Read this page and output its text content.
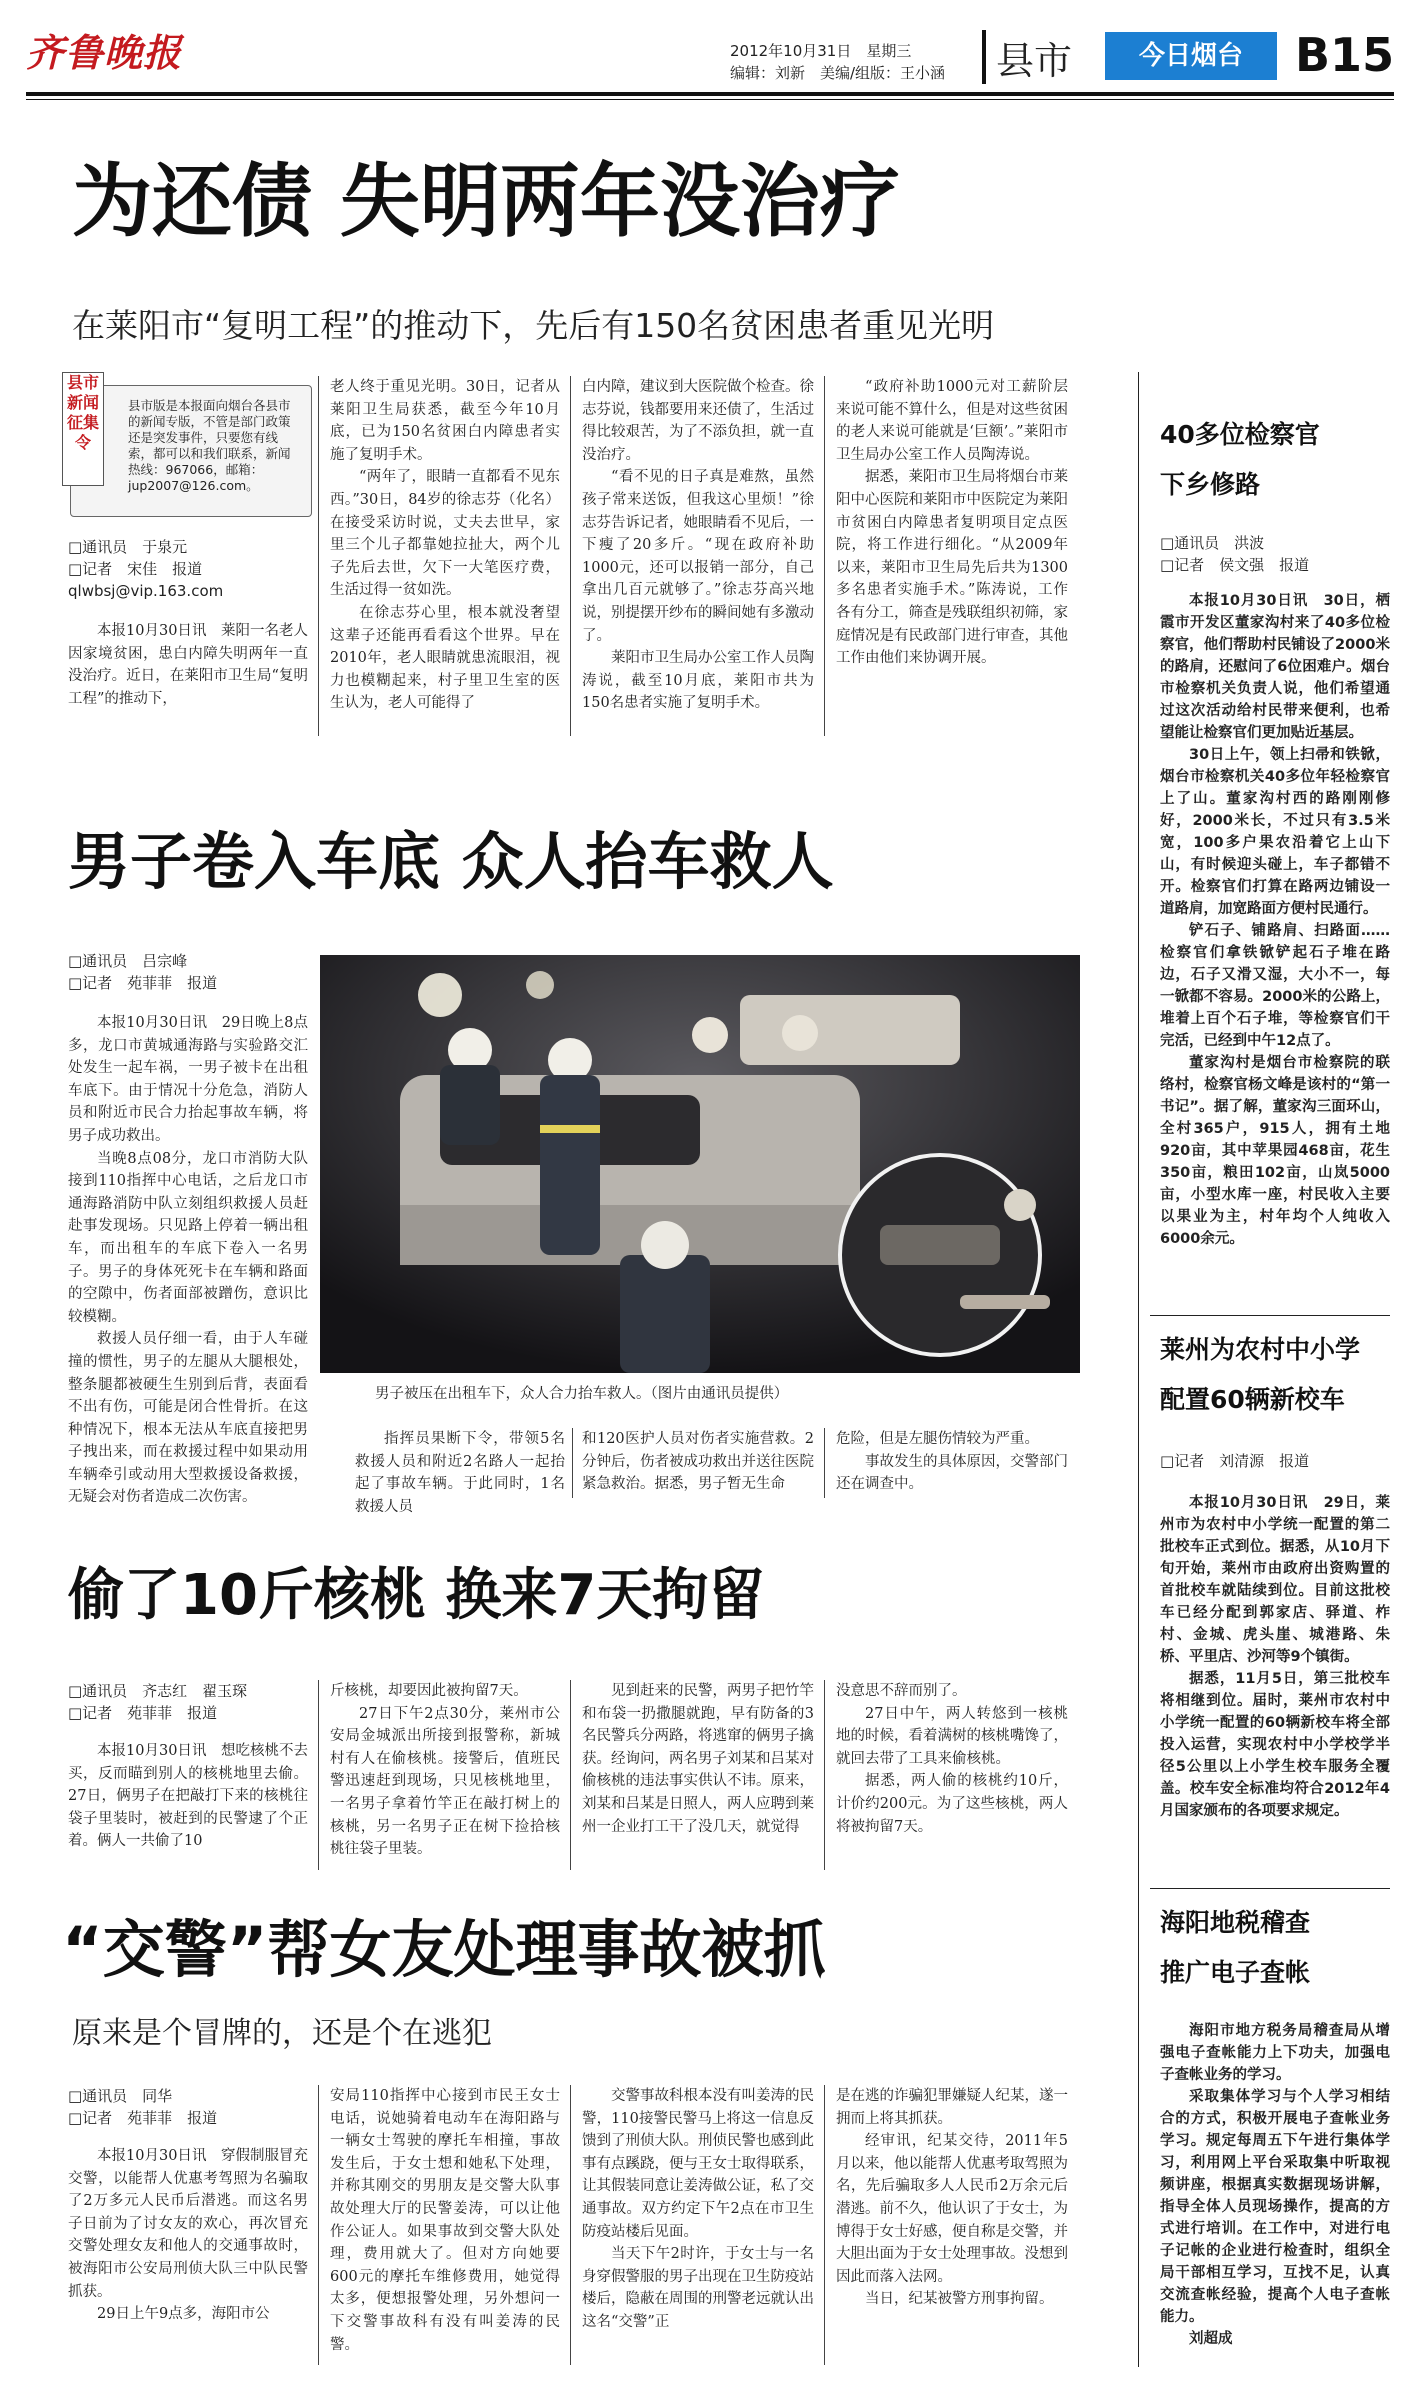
齐鲁晚报	2012年10月31日　星期三
编辑：刘新　美编/组版：王小涵 县市	今日烟台	B15
为还债 失明两年没治疗
在莱阳市“复明工程”的推动下，先后有150名贫困患者重见光明
县市新闻征集令
县市版是本报面向烟台各县市的新闻专版，不管是部门政策还是突发事件，只要您有线索，都可以和我们联系，新闻热线：967066，邮箱：jup2007@126.com。
□通讯员　于泉元
□记者　宋佳　报道
qlwbsj@vip.163.com

本报10月30日讯　莱阳一名老人因家境贫困，患白内障失明两年一直没治疗。近日，在莱阳市卫生局“复明工程”的推动下，

老人终于重见光明。30日，记者从莱阳卫生局获悉，截至今年10月底，已为150名贫困白内障患者实施了复明手术。

“两年了，眼睛一直都看不见东西。”30日，84岁的徐志芬（化名）在接受采访时说，丈夫去世早，家里三个儿子都靠她拉扯大，两个儿子先后去世，欠下一大笔医疗费，生活过得一贫如洗。

在徐志芬心里，根本就没奢望这辈子还能再看看这个世界。早在2010年，老人眼睛就患流眼泪，视力也模糊起来，村子里卫生室的医生认为，老人可能得了

白内障，建议到大医院做个检查。徐志芬说，钱都要用来还债了，生活过得比较艰苦，为了不添负担，就一直没治疗。

“看不见的日子真是难熬，虽然孩子常来送饭，但我这心里烦！”徐志芬告诉记者，她眼睛看不见后，一下瘦了20多斤。“现在政府补助1000元，还可以报销一部分，自己拿出几百元就够了。”徐志芬高兴地说，别提摆开纱布的瞬间她有多激动了。

莱阳市卫生局办公室工作人员陶涛说，截至10月底，莱阳市共为150名患者实施了复明手术。

“政府补助1000元对工薪阶层来说可能不算什么，但是对这些贫困的老人来说可能就是‘巨额’。”莱阳市卫生局办公室工作人员陶涛说。

据悉，莱阳市卫生局将烟台市莱阳中心医院和莱阳市中医院定为莱阳市贫困白内障患者复明项目定点医院，将工作进行细化。“从2009年以来，莱阳市卫生局先后共为1300多名患者实施手术。”陈涛说，工作各有分工，筛查是残联组织初筛，家庭情况是有民政部门进行审查，其他工作由他们来协调开展。

男子卷入车底 众人抬车救人
□通讯员　吕宗峰
□记者　苑菲菲　报道

本报10月30日讯　29日晚上8点多，龙口市黄城通海路与实验路交汇处发生一起车祸，一男子被卡在出租车底下。由于情况十分危急，消防人员和附近市民合力抬起事故车辆，将男子成功救出。

当晚8点08分，龙口市消防大队接到110指挥中心电话，之后龙口市通海路消防中队立刻组织救援人员赶赴事发现场。只见路上停着一辆出租车，而出租车的车底下卷入一名男子。男子的身体死死卡在车辆和路面的空隙中，伤者面部被蹭伤，意识比较模糊。

救援人员仔细一看，由于人车碰撞的惯性，男子的左腿从大腿根处，整条腿都被硬生生别到后背，表面看不出有伤，可能是闭合性骨折。在这种情况下，根本无法从车底直接把男子拽出来，而在救援过程中如果动用车辆牵引或动用大型救援设备救援，无疑会对伤者造成二次伤害。

男子被压在出租车下，众人合力抬车救人。（图片由通讯员提供）

指挥员果断下令，带领5名救援人员和附近2名路人一起抬起了事故车辆。于此同时，1名救援人员

和120医护人员对伤者实施营救。2分钟后，伤者被成功救出并送往医院紧急救治。据悉，男子暂无生命

危险，但是左腿伤情较为严重。

事故发生的具体原因，交警部门还在调查中。

偷了10斤核桃 换来7天拘留
□通讯员　齐志红　翟玉琛
□记者　苑菲菲　报道

本报10月30日讯　想吃核桃不去买，反而瞄到别人的核桃地里去偷。27日，俩男子在把敲打下来的核桃往袋子里装时，被赶到的民警逮了个正着。俩人一共偷了10

斤核桃，却要因此被拘留7天。

27日下午2点30分，莱州市公安局金城派出所接到报警称，新城村有人在偷核桃。接警后，值班民警迅速赶到现场，只见核桃地里，一名男子拿着竹竿正在敲打树上的核桃，另一名男子正在树下捡拾核桃往袋子里装。

见到赶来的民警，两男子把竹竿和布袋一扔撒腿就跑，早有防备的3名民警兵分两路，将逃窜的俩男子擒获。经询问，两名男子刘某和吕某对偷核桃的违法事实供认不讳。原来，刘某和吕某是日照人，两人应聘到莱州一企业打工干了没几天，就觉得

没意思不辞而别了。

27日中午，两人转悠到一核桃地的时候，看着满树的核桃嘴馋了，就回去带了工具来偷核桃。

据悉，两人偷的核桃约10斤，计价约200元。为了这些核桃，两人将被拘留7天。

“交警”帮女友处理事故被抓
原来是个冒牌的，还是个在逃犯
□通讯员　同华
□记者　苑菲菲　报道

本报10月30日讯　穿假制服冒充交警，以能帮人优惠考驾照为名骗取了2万多元人民币后潜逃。而这名男子日前为了讨女友的欢心，再次冒充交警处理女友和他人的交通事故时，被海阳市公安局刑侦大队三中队民警抓获。

29日上午9点多，海阳市公

安局110指挥中心接到市民王女士电话，说她骑着电动车在海阳路与一辆女士驾驶的摩托车相撞，事故发生后，于女士想和她私下处理，并称其刚交的男朋友是交警大队事故处理大厅的民警姜涛，可以让他作公证人。如果事故到交警大队处理，费用就大了。但对方向她要600元的摩托车维修费用，她觉得太多，便想报警处理，另外想问一下交警事故科有没有叫姜涛的民警。

交警事故科根本没有叫姜涛的民警，110接警民警马上将这一信息反馈到了刑侦大队。刑侦民警也感到此事有点蹊跷，便与王女士取得联系，让其假装同意让姜涛做公证，私了交通事故。双方约定下午2点在市卫生防疫站楼后见面。

当天下午2时许，于女士与一名身穿假警服的男子出现在卫生防疫站楼后，隐蔽在周围的刑警老远就认出这名“交警”正

是在逃的诈骗犯罪嫌疑人纪某，遂一拥而上将其抓获。

经审讯，纪某交待，2011年5月以来，他以能帮人优惠考取驾照为名，先后骗取多人人民币2万余元后潜逃。前不久，他认识了于女士，为博得于女士好感，便自称是交警，并大胆出面为于女士处理事故。没想到因此而落入法网。

当日，纪某被警方刑事拘留。

40多位检察官
下乡修路
□通讯员　洪波
□记者　侯文强　报道

本报10月30日讯　30日，栖霞市开发区董家沟村来了40多位检察官，他们帮助村民铺设了2000米的路肩，还慰问了6位困难户。烟台市检察机关负责人说，他们希望通过这次活动给村民带来便利，也希望能让检察官们更加贴近基层。

30日上午，领上扫帚和铁锨，烟台市检察机关40多位年轻检察官上了山。董家沟村西的路刚刚修好，2000米长，不过只有3.5米宽，100多户果农沿着它上山下山，有时候迎头碰上，车子都错不开。检察官们打算在路两边铺设一道路肩，加宽路面方便村民通行。

铲石子、铺路肩、扫路面……检察官们拿铁锨铲起石子堆在路边，石子又滑又湿，大小不一，每一锨都不容易。2000米的公路上，堆着上百个石子堆，等检察官们干完活，已经到中午12点了。

董家沟村是烟台市检察院的联络村，检察官杨文峰是该村的“第一书记”。据了解，董家沟三面环山，全村365户，915人，拥有土地920亩，其中苹果园468亩，花生350亩，粮田102亩，山岚5000亩，小型水库一座，村民收入主要以果业为主，村年均个人纯收入6000余元。

莱州为农村中小学
配置60辆新校车
□记者　刘清源　报道

本报10月30日讯　29日，莱州市为农村中小学统一配置的第二批校车正式到位。据悉，从10月下旬开始，莱州市由政府出资购置的首批校车就陆续到位。目前这批校车已经分配到郭家店、驿道、柞村、金城、虎头崖、城港路、朱桥、平里店、沙河等9个镇街。

据悉，11月5日，第三批校车将相继到位。届时，莱州市农村中小学统一配置的60辆新校车将全部投入运营，实现农村中小学校学半径5公里以上小学生校车服务全覆盖。校车安全标准均符合2012年4月国家颁布的各项要求规定。

海阳地税稽查
推广电子查帐

海阳市地方税务局稽查局从增强电子查帐能力上下功夫，加强电子查帐业务的学习。

采取集体学习与个人学习相结合的方式，积极开展电子查帐业务学习。规定每周五下午进行集体学习，利用网上平台采取集中听取视频讲座，根据真实数据现场讲解，指导全体人员现场操作，提高的方式进行培训。在工作中，对进行电子记帐的企业进行检查时，组织全局干部相互学习，互找不足，认真交流查帐经验，提高个人电子查帐能力。

刘超成
